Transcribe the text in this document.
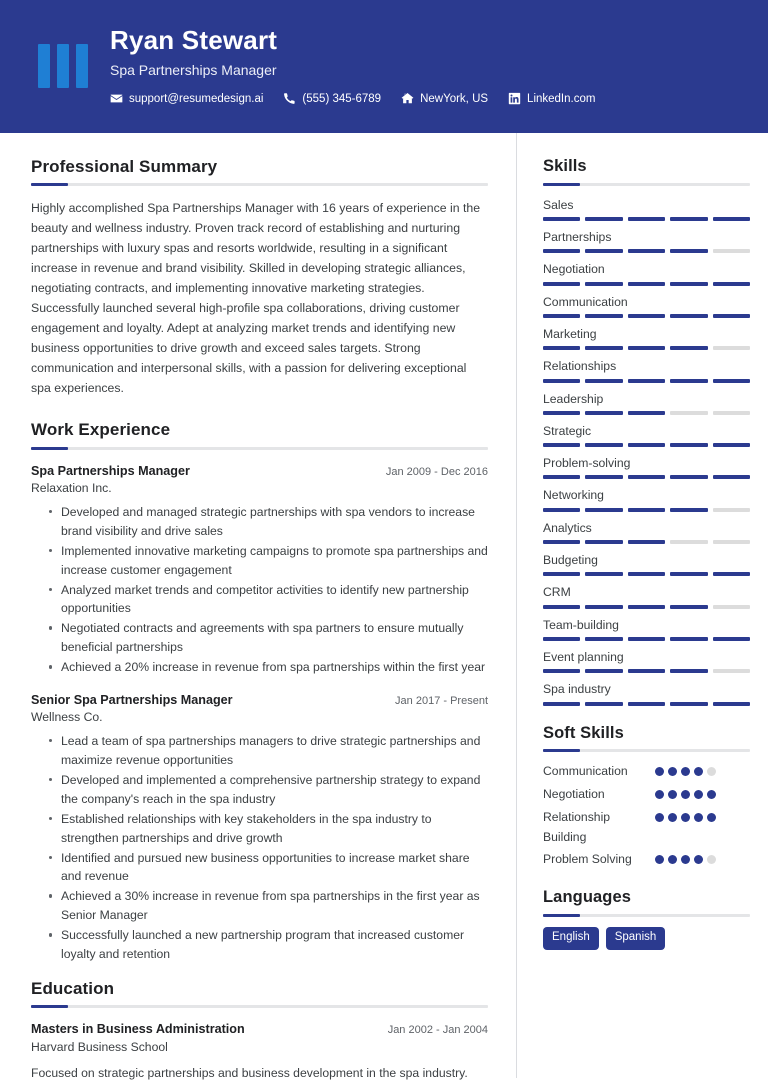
Ryan Stewart
Spa Partnerships Manager
support@resumedesign.ai	(555) 345-6789	NewYork, US	LinkedIn.com
Professional Summary

Highly accomplished Spa Partnerships Manager with 16 years of experience in the beauty and wellness industry. Proven track record of establishing and nurturing partnerships with luxury spas and resorts worldwide, resulting in a significant increase in revenue and brand visibility. Skilled in developing strategic alliances, negotiating contracts, and implementing innovative marketing strategies. Successfully launched several high-profile spa collaborations, driving customer engagement and loyalty. Adept at analyzing market trends and identifying new business opportunities to drive growth and exceed sales targets. Strong communication and interpersonal skills, with a passion for delivering exceptional spa experiences.

Work Experience
Spa Partnerships Manager	Jan 2009 - Dec 2016
Relaxation Inc.
Developed and managed strategic partnerships with spa vendors to increase brand visibility and drive sales
Implemented innovative marketing campaigns to promote spa partnerships and increase customer engagement
Analyzed market trends and competitor activities to identify new partnership opportunities
Negotiated contracts and agreements with spa partners to ensure mutually beneficial partnerships
Achieved a 20% increase in revenue from spa partnerships within the first year
Senior Spa Partnerships Manager	Jan 2017 - Present
Wellness Co.
Lead a team of spa partnerships managers to drive strategic partnerships and maximize revenue opportunities
Developed and implemented a comprehensive partnership strategy to expand the company's reach in the spa industry
Established relationships with key stakeholders in the spa industry to strengthen partnerships and drive growth
Identified and pursued new business opportunities to increase market share and revenue
Achieved a 30% increase in revenue from spa partnerships in the first year as Senior Manager
Successfully launched a new partnership program that increased customer loyalty and retention
Education
Masters in Business Administration	Jan 2002 - Jan 2004
Harvard Business School
Focused on strategic partnerships and business development in the spa industry.
Skills
Sales
Partnerships
Negotiation
Communication
Marketing
Relationships
Leadership
Strategic
Problem-solving
Networking
Analytics
Budgeting
CRM
Team-building
Event planning
Spa industry
Soft Skills
Communication
Negotiation
Relationship Building
Problem Solving
Languages
English	Spanish
